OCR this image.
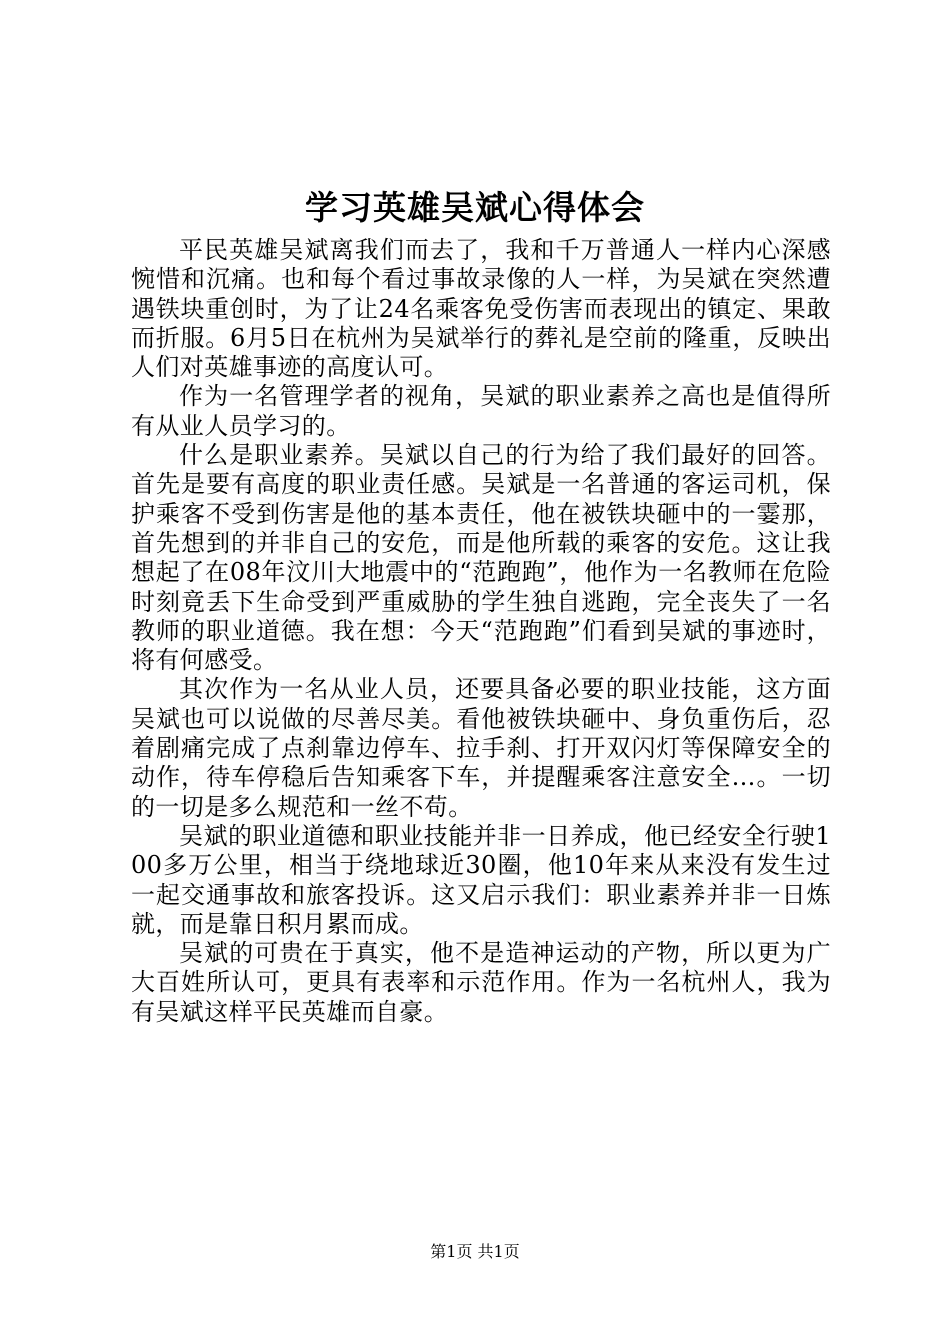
学习英雄吴斌心得体会

平民英雄吴斌离我们而去了，我和千万普通人一样内心深感惋惜和沉痛。也和每个看过事故录像的人一样，为吴斌在突然遭遇铁块重创时，为了让24名乘客免受伤害而表现出的镇定、果敢而折服。6月5日在杭州为吴斌举行的葬礼是空前的隆重，反映出人们对英雄事迹的高度认可。

作为一名管理学者的视角，吴斌的职业素养之高也是值得所有从业人员学习的。

什么是职业素养。吴斌以自己的行为给了我们最好的回答。首先是要有高度的职业责任感。吴斌是一名普通的客运司机，保护乘客不受到伤害是他的基本责任，他在被铁块砸中的一霎那，首先想到的并非自己的安危，而是他所载的乘客的安危。这让我想起了在08年汶川大地震中的“范跑跑”，他作为一名教师在危险时刻竟丢下生命受到严重威胁的学生独自逃跑，完全丧失了一名教师的职业道德。我在想：今天“范跑跑”们看到吴斌的事迹时，将有何感受。

其次作为一名从业人员，还要具备必要的职业技能，这方面吴斌也可以说做的尽善尽美。看他被铁块砸中、身负重伤后，忍着剧痛完成了点刹靠边停车、拉手刹、打开双闪灯等保障安全的动作，待车停稳后告知乘客下车，并提醒乘客注意安全…。一切的一切是多么规范和一丝不苟。

吴斌的职业道德和职业技能并非一日养成，他已经安全行驶100多万公里，相当于绕地球近30圈，他10年来从来没有发生过一起交通事故和旅客投诉。这又启示我们：职业素养并非一日炼就，而是靠日积月累而成。

吴斌的可贵在于真实，他不是造神运动的产物，所以更为广大百姓所认可，更具有表率和示范作用。作为一名杭州人，我为有吴斌这样平民英雄而自豪。

第1页 共1页
